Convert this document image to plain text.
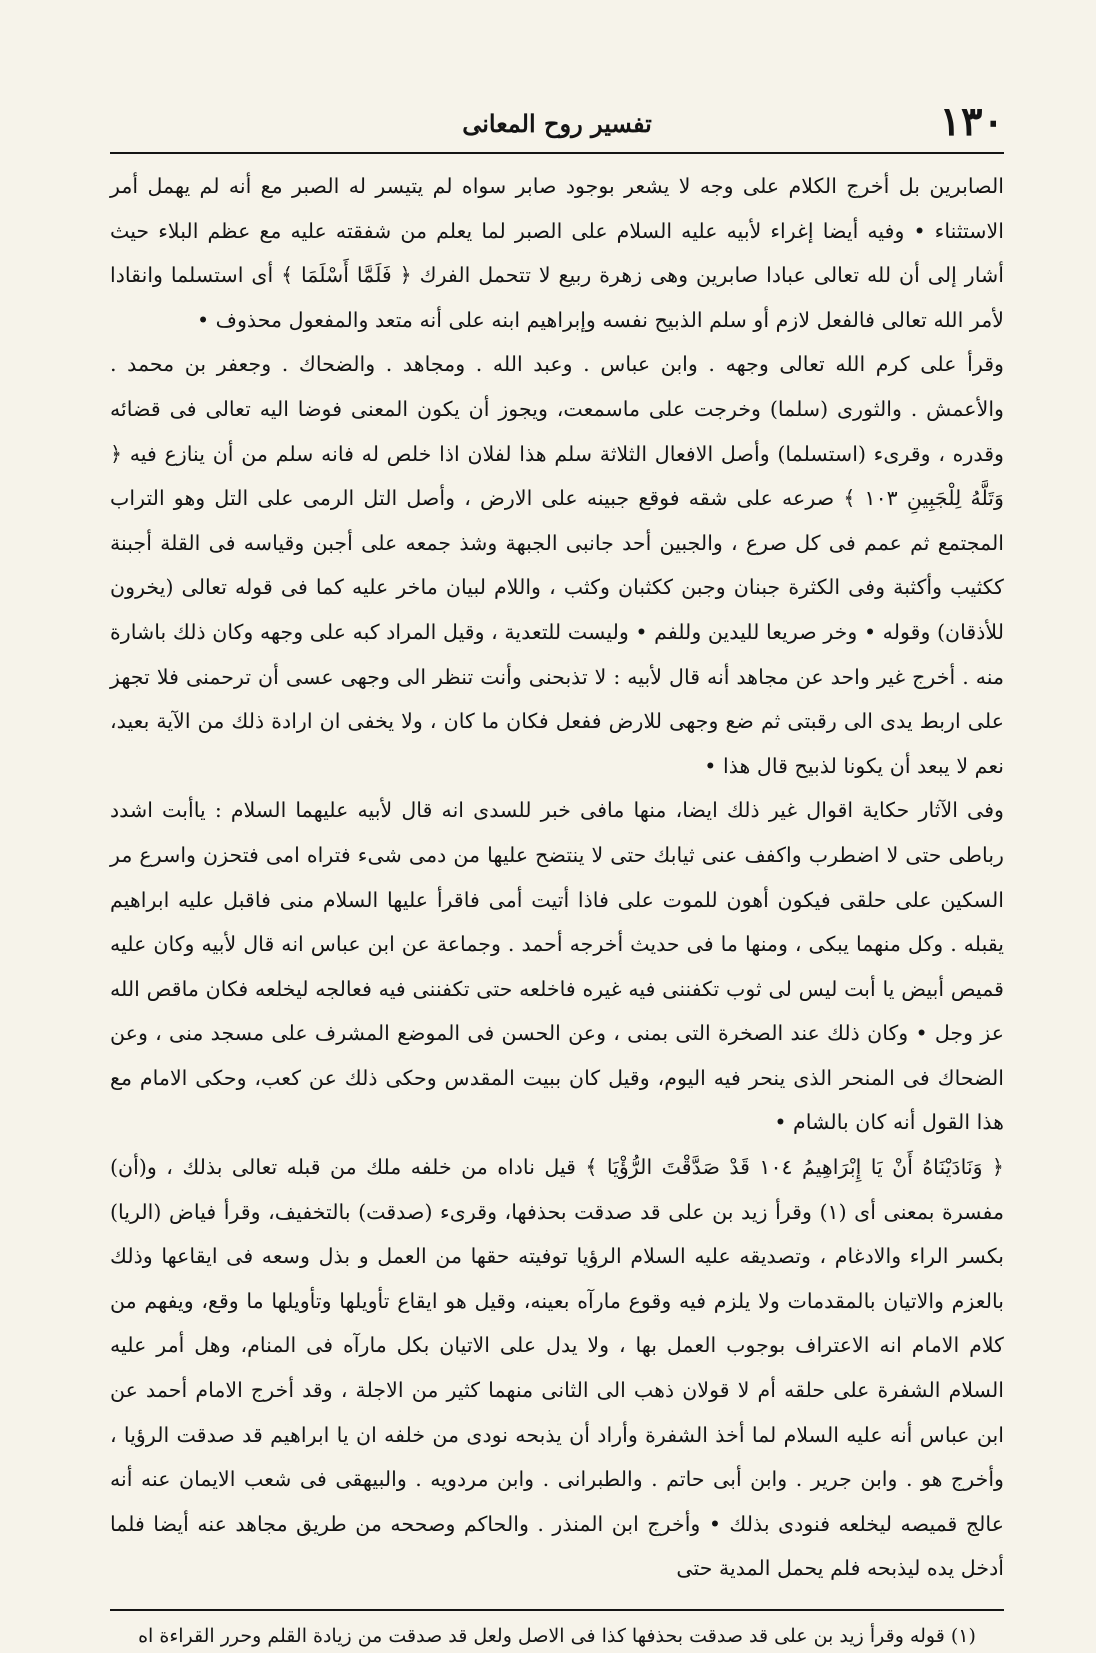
١٣٠
تفسير روح المعانى

الصابرين بل أخرج الكلام على وجه لا يشعر بوجود صابر سواه لم يتيسر له الصبر مع أنه لم يهمل أمر الاستثناء • وفيه أيضا إغراء لأبيه عليه السلام على الصبر لما يعلم من شفقته عليه مع عظم البلاء حيث أشار إلى أن لله تعالى عبادا صابرين وهى زهرة ربيع لا تتحمل الفرك ﴿ فَلَمَّا أَسْلَمَا ﴾ أى استسلما وانقادا لأمر الله تعالى فالفعل لازم أو سلم الذبيح نفسه وإبراهيم ابنه على أنه متعد والمفعول محذوف •

وقرأ على كرم الله تعالى وجهه . وابن عباس . وعبد الله . ومجاهد . والضحاك . وجعفر بن محمد . والأعمش . والثورى (سلما) وخرجت على ماسمعت، ويجوز أن يكون المعنى فوضا اليه تعالى فى قضائه وقدره ، وقرىء (استسلما) وأصل الافعال الثلاثة سلم هذا لفلان اذا خلص له فانه سلم من أن ينازع فيه ﴿ وَتَلَّهُ لِلْجَبِينِ ١٠٣ ﴾ صرعه على شقه فوقع جبينه على الارض ، وأصل التل الرمى على التل وهو التراب المجتمع ثم عمم فى كل صرع ، والجبين أحد جانبى الجبهة وشذ جمعه على أجبن وقياسه فى القلة أجبنة ككثيب وأكثبة وفى الكثرة جبنان وجبن ككثبان وكثب ، واللام لبيان ماخر عليه كما فى قوله تعالى (يخرون للأذقان) وقوله • وخر صريعا لليدين وللفم • وليست للتعدية ، وقيل المراد كبه على وجهه وكان ذلك باشارة منه . أخرج غير واحد عن مجاهد أنه قال لأبيه : لا تذبحنى وأنت تنظر الى وجهى عسى أن ترحمنى فلا تجهز على اربط يدى الى رقبتى ثم ضع وجهى للارض ففعل فكان ما كان ، ولا يخفى ان ارادة ذلك من الآية بعيد، نعم لا يبعد أن يكونا لذبيح قال هذا •

وفى الآثار حكاية اقوال غير ذلك ايضا، منها مافى خبر للسدى انه قال لأبيه عليهما السلام : ياأبت اشدد رباطى حتى لا اضطرب واكفف عنى ثيابك حتى لا ينتضح عليها من دمى شىء فتراه امى فتحزن واسرع مر السكين على حلقى فيكون أهون للموت على فاذا أتيت أمى فاقرأ عليها السلام منى فاقبل عليه ابراهيم يقبله . وكل منهما يبكى ، ومنها ما فى حديث أخرجه أحمد . وجماعة عن ابن عباس انه قال لأبيه وكان عليه قميص أبيض يا أبت ليس لى ثوب تكفننى فيه غيره فاخلعه حتى تكفننى فيه فعالجه ليخلعه فكان ماقص الله عز وجل • وكان ذلك عند الصخرة التى بمنى ، وعن الحسن فى الموضع المشرف على مسجد منى ، وعن الضحاك فى المنحر الذى ينحر فيه اليوم، وقيل كان ببيت المقدس وحكى ذلك عن كعب، وحكى الامام مع هذا القول أنه كان بالشام •

﴿ وَنَادَيْنَاهُ أَنْ يَا إِبْرَاهِيمُ ١٠٤ قَدْ صَدَّقْتَ الرُّؤْيَا ﴾ قيل ناداه من خلفه ملك من قبله تعالى بذلك ، و(أن) مفسرة بمعنى أى (١) وقرأ زيد بن على قد صدقت بحذفها، وقرىء (صدقت) بالتخفيف، وقرأ فياض (الريا) بكسر الراء والادغام ، وتصديقه عليه السلام الرؤيا توفيته حقها من العمل و بذل وسعه فى ايقاعها وذلك بالعزم والاتيان بالمقدمات ولا يلزم فيه وقوع مارآه بعينه، وقيل هو ايقاع تأويلها وتأويلها ما وقع، ويفهم من كلام الامام انه الاعتراف بوجوب العمل بها ، ولا يدل على الاتيان بكل مارآه فى المنام، وهل أمر عليه السلام الشفرة على حلقه أم لا قولان ذهب الى الثانى منهما كثير من الاجلة ، وقد أخرج الامام أحمد عن ابن عباس أنه عليه السلام لما أخذ الشفرة وأراد أن يذبحه نودى من خلفه ان يا ابراهيم قد صدقت الرؤيا ، وأخرج هو . وابن جرير . وابن أبى حاتم . والطبرانى . وابن مردويه . والبيهقى فى شعب الايمان عنه أنه عالج قميصه ليخلعه فنودى بذلك • وأخرج ابن المنذر . والحاكم وصححه من طريق مجاهد عنه أيضا فلما أدخل يده ليذبحه فلم يحمل المدية حتى

(١) قوله وقرأ زيد بن على قد صدقت بحذفها كذا فى الاصل ولعل قد صدقت من زيادة القلم وحرر القراءة اه
